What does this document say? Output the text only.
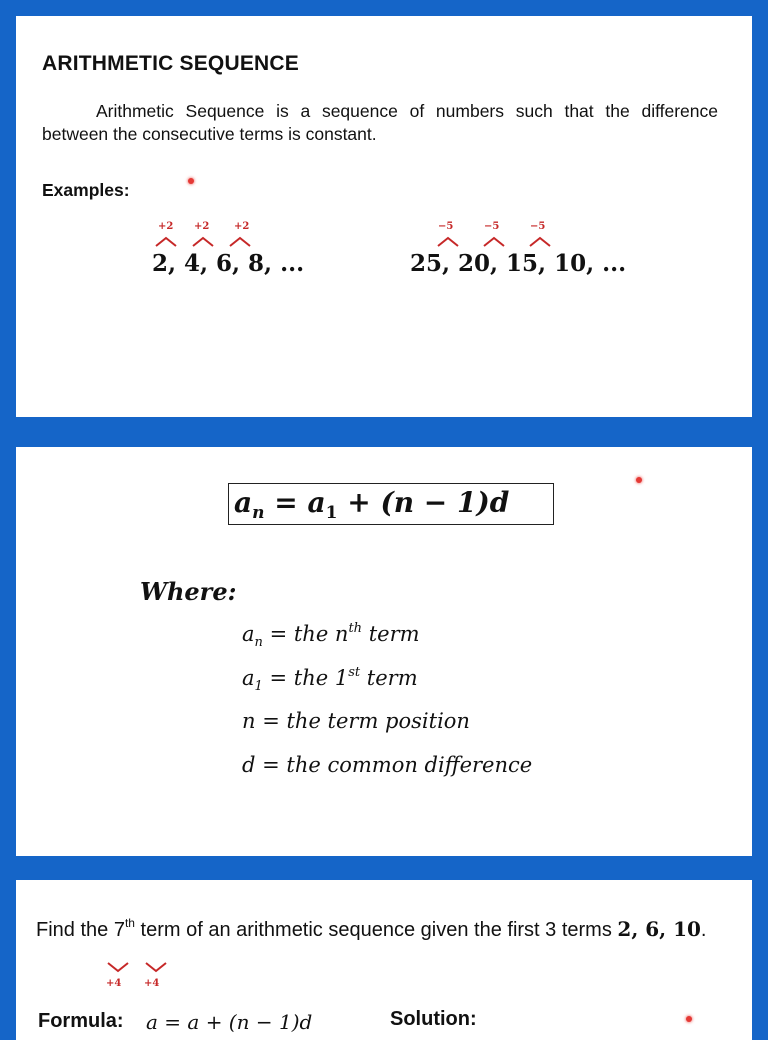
ARITHMETIC SEQUENCE
Arithmetic Sequence is a sequence of numbers such that the difference between the consecutive terms is constant.
Examples:
+2 +2 +2
2, 4, 6, 8, ...
−5	−5	−5
25, 20, 15, 10, ...
$a_n = a_1 + (n - 1)d$
Where:
$a_n$ = the $n^{th}$ term
$a_1$ = the 1st term
n = the term position
d = the common difference
Find the 7th term of an arithmetic sequence given the first 3 terms 2, 6, 10.
+4 +4
Formula: a = a + (n − 1)d	Solution:
